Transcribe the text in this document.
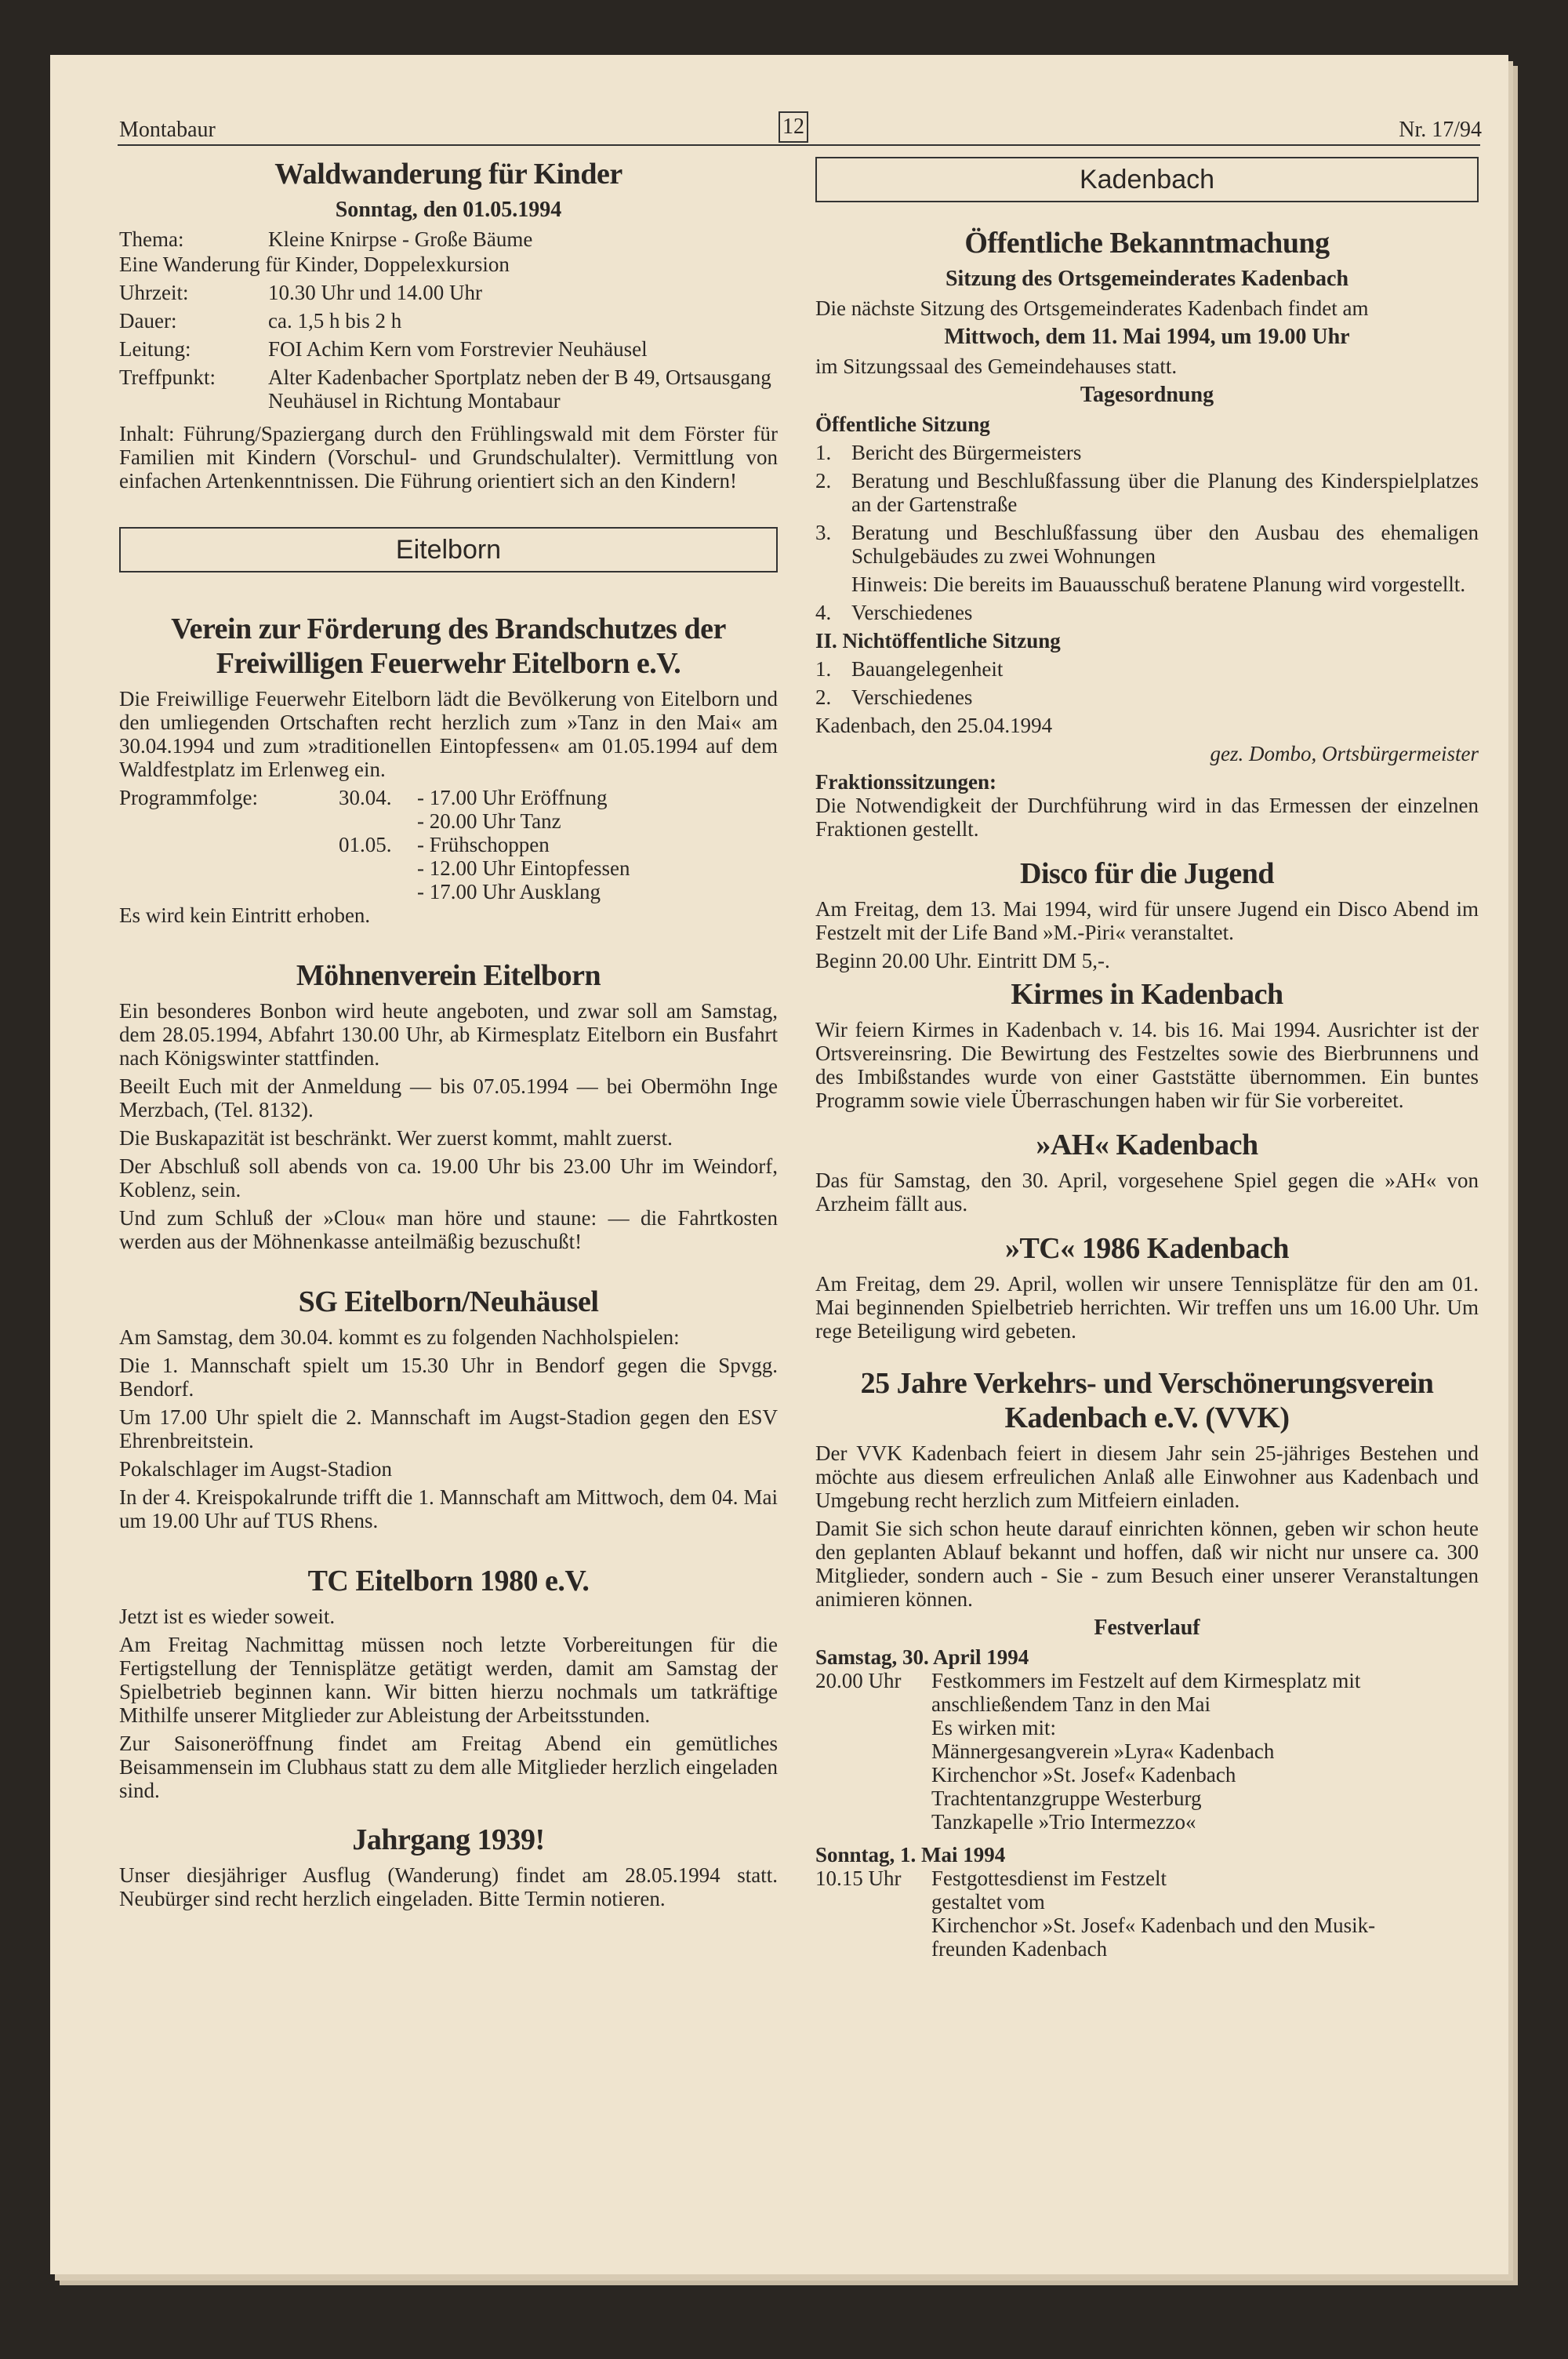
Montabaur	12	Nr. 17/94
Waldwanderung für Kinder
Sonntag, den 01.05.1994
Thema:	Kleine Knirpse - Große Bäume

Eine Wanderung für Kinder, Doppelexkursion

Uhrzeit:	10.30 Uhr und 14.00 Uhr
Dauer:	ca. 1,5 h bis 2 h
Leitung:	FOI Achim Kern vom Forstrevier Neuhäusel
Treffpunkt:	Alter Kadenbacher Sportplatz neben der B 49, Ortsausgang Neuhäusel in Richtung Montabaur

Inhalt: Führung/Spaziergang durch den Frühlingswald mit dem Förster für Familien mit Kindern (Vorschul- und Grundschulalter). Vermittlung von einfachen Artenkenntnissen. Die Führung orientiert sich an den Kindern!

Eitelborn
Verein zur Förderung des Brandschutzes der Freiwilligen Feuerwehr Eitelborn e.V.

Die Freiwillige Feuerwehr Eitelborn lädt die Bevölkerung von Eitelborn und den umliegenden Ortschaften recht herzlich zum »Tanz in den Mai« am 30.04.1994 und zum »traditionellen Eintopfessen« am 01.05.1994 auf dem Waldfestplatz im Erlenweg ein.

Programmfolge:	30.04.	- 17.00 Uhr Eröffnung
- 20.00 Uhr Tanz
01.05.	- Frühschoppen
- 12.00 Uhr Eintopfessen
- 17.00 Uhr Ausklang

Es wird kein Eintritt erhoben.

Möhnenverein Eitelborn

Ein besonderes Bonbon wird heute angeboten, und zwar soll am Samstag, dem 28.05.1994, Abfahrt 130.00 Uhr, ab Kirmesplatz Eitelborn ein Busfahrt nach Königswinter stattfinden.

Beeilt Euch mit der Anmeldung — bis 07.05.1994 — bei Obermöhn Inge Merzbach, (Tel. 8132).

Die Buskapazität ist beschränkt. Wer zuerst kommt, mahlt zuerst.

Der Abschluß soll abends von ca. 19.00 Uhr bis 23.00 Uhr im Weindorf, Koblenz, sein.

Und zum Schluß der »Clou« man höre und staune: — die Fahrtkosten werden aus der Möhnenkasse anteilmäßig bezuschußt!

SG Eitelborn/Neuhäusel

Am Samstag, dem 30.04. kommt es zu folgenden Nachholspielen:

Die 1. Mannschaft spielt um 15.30 Uhr in Bendorf gegen die Spvgg. Bendorf.

Um 17.00 Uhr spielt die 2. Mannschaft im Augst-Stadion gegen den ESV Ehrenbreitstein.

Pokalschlager im Augst-Stadion

In der 4. Kreispokalrunde trifft die 1. Mannschaft am Mittwoch, dem 04. Mai um 19.00 Uhr auf TUS Rhens.

TC Eitelborn 1980 e.V.

Jetzt ist es wieder soweit.

Am Freitag Nachmittag müssen noch letzte Vorbereitungen für die Fertigstellung der Tennisplätze getätigt werden, damit am Samstag der Spielbetrieb beginnen kann. Wir bitten hierzu nochmals um tatkräftige Mithilfe unserer Mitglieder zur Ableistung der Arbeitsstunden.

Zur Saisoneröffnung findet am Freitag Abend ein gemütliches Beisammensein im Clubhaus statt zu dem alle Mitglieder herzlich eingeladen sind.

Jahrgang 1939!

Unser diesjähriger Ausflug (Wanderung) findet am 28.05.1994 statt. Neubürger sind recht herzlich eingeladen. Bitte Termin notieren.

Kadenbach
Öffentliche Bekanntmachung
Sitzung des Ortsgemeinderates Kadenbach

Die nächste Sitzung des Ortsgemeinderates Kadenbach findet am

Mittwoch, dem 11. Mai 1994, um 19.00 Uhr

im Sitzungssaal des Gemeindehauses statt.

Tagesordnung

Öffentliche Sitzung

1. Bericht des Bürgermeisters
2. Beratung und Beschlußfassung über die Planung des Kinderspielplatzes an der Gartenstraße
3. Beratung und Beschlußfassung über den Ausbau des ehemaligen Schulgebäudes zu zwei Wohnungen
Hinweis: Die bereits im Bauausschuß beratene Planung wird vorgestellt.
4. Verschiedenes

II. Nichtöffentliche Sitzung

1. Bauangelegenheit
2. Verschiedenes

Kadenbach, den 25.04.1994

gez. Dombo, Ortsbürgermeister

Fraktionssitzungen:

Die Notwendigkeit der Durchführung wird in das Ermessen der einzelnen Fraktionen gestellt.

Disco für die Jugend

Am Freitag, dem 13. Mai 1994, wird für unsere Jugend ein Disco Abend im Festzelt mit der Life Band »M.-Piri« veranstaltet.

Beginn 20.00 Uhr. Eintritt DM 5,-.

Kirmes in Kadenbach

Wir feiern Kirmes in Kadenbach v. 14. bis 16. Mai 1994. Ausrichter ist der Ortsvereinsring. Die Bewirtung des Festzeltes sowie des Bierbrunnens und des Imbißstandes wurde von einer Gaststätte übernommen. Ein buntes Programm sowie viele Überraschungen haben wir für Sie vorbereitet.

»AH« Kadenbach

Das für Samstag, den 30. April, vorgesehene Spiel gegen die »AH« von Arzheim fällt aus.

»TC« 1986 Kadenbach

Am Freitag, dem 29. April, wollen wir unsere Tennisplätze für den am 01. Mai beginnenden Spielbetrieb herrichten. Wir treffen uns um 16.00 Uhr. Um rege Beteiligung wird gebeten.

25 Jahre Verkehrs- und Verschönerungsverein Kadenbach e.V. (VVK)

Der VVK Kadenbach feiert in diesem Jahr sein 25-jähriges Bestehen und möchte aus diesem erfreulichen Anlaß alle Einwohner aus Kadenbach und Umgebung recht herzlich zum Mitfeiern einladen.

Damit Sie sich schon heute darauf einrichten können, geben wir schon heute den geplanten Ablauf bekannt und hoffen, daß wir nicht nur unsere ca. 300 Mitglieder, sondern auch - Sie - zum Besuch einer unserer Veranstaltungen animieren können.

Festverlauf

Samstag, 30. April 1994

20.00 Uhr	Festkommers im Festzelt auf dem Kirmesplatz mit
anschließendem Tanz in den Mai
Es wirken mit:
Männergesangverein »Lyra« Kadenbach
Kirchenchor »St. Josef« Kadenbach
Trachtentanzgruppe Westerburg
Tanzkapelle »Trio Intermezzo«

Sonntag, 1. Mai 1994

10.15 Uhr	Festgottesdienst im Festzelt
gestaltet vom
Kirchenchor »St. Josef« Kadenbach und den Musik-
freunden Kadenbach
